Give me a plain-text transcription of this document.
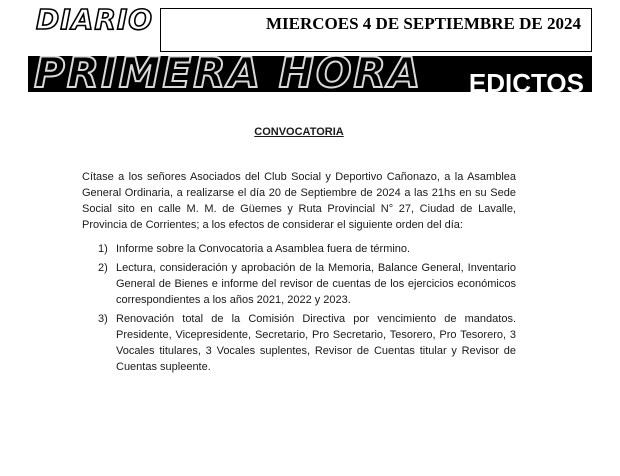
MIERCOES 4 DE SEPTIEMBRE DE 2024
DIARIO
PRIMERA HORA EDICTOS
CONVOCATORIA

Cítase a los señores Asociados del Club Social y Deportivo Cañonazo, a la Asamblea General Ordinaria, a realizarse el día 20 de Septiembre de 2024 a las 21hs en su Sede Social sito en calle M. M. de Güemes y Ruta Provincial N° 27, Ciudad de Lavalle, Provincia de Corrientes; a los efectos de considerar el siguiente orden del día:

1) Informe sobre la Convocatoria a Asamblea fuera de término.
2) Lectura, consideración y aprobación de la Memoria, Balance General, Inventario General de Bienes e informe del revisor de cuentas de los ejercicios económicos correspondientes a los años 2021, 2022 y 2023.
3) Renovación total de la Comisión Directiva por vencimiento de mandatos. Presidente, Vicepresidente, Secretario, Pro Secretario, Tesorero, Pro Tesorero, 3 Vocales titulares, 3 Vocales suplentes, Revisor de Cuentas titular y Revisor de Cuentas supleente.
